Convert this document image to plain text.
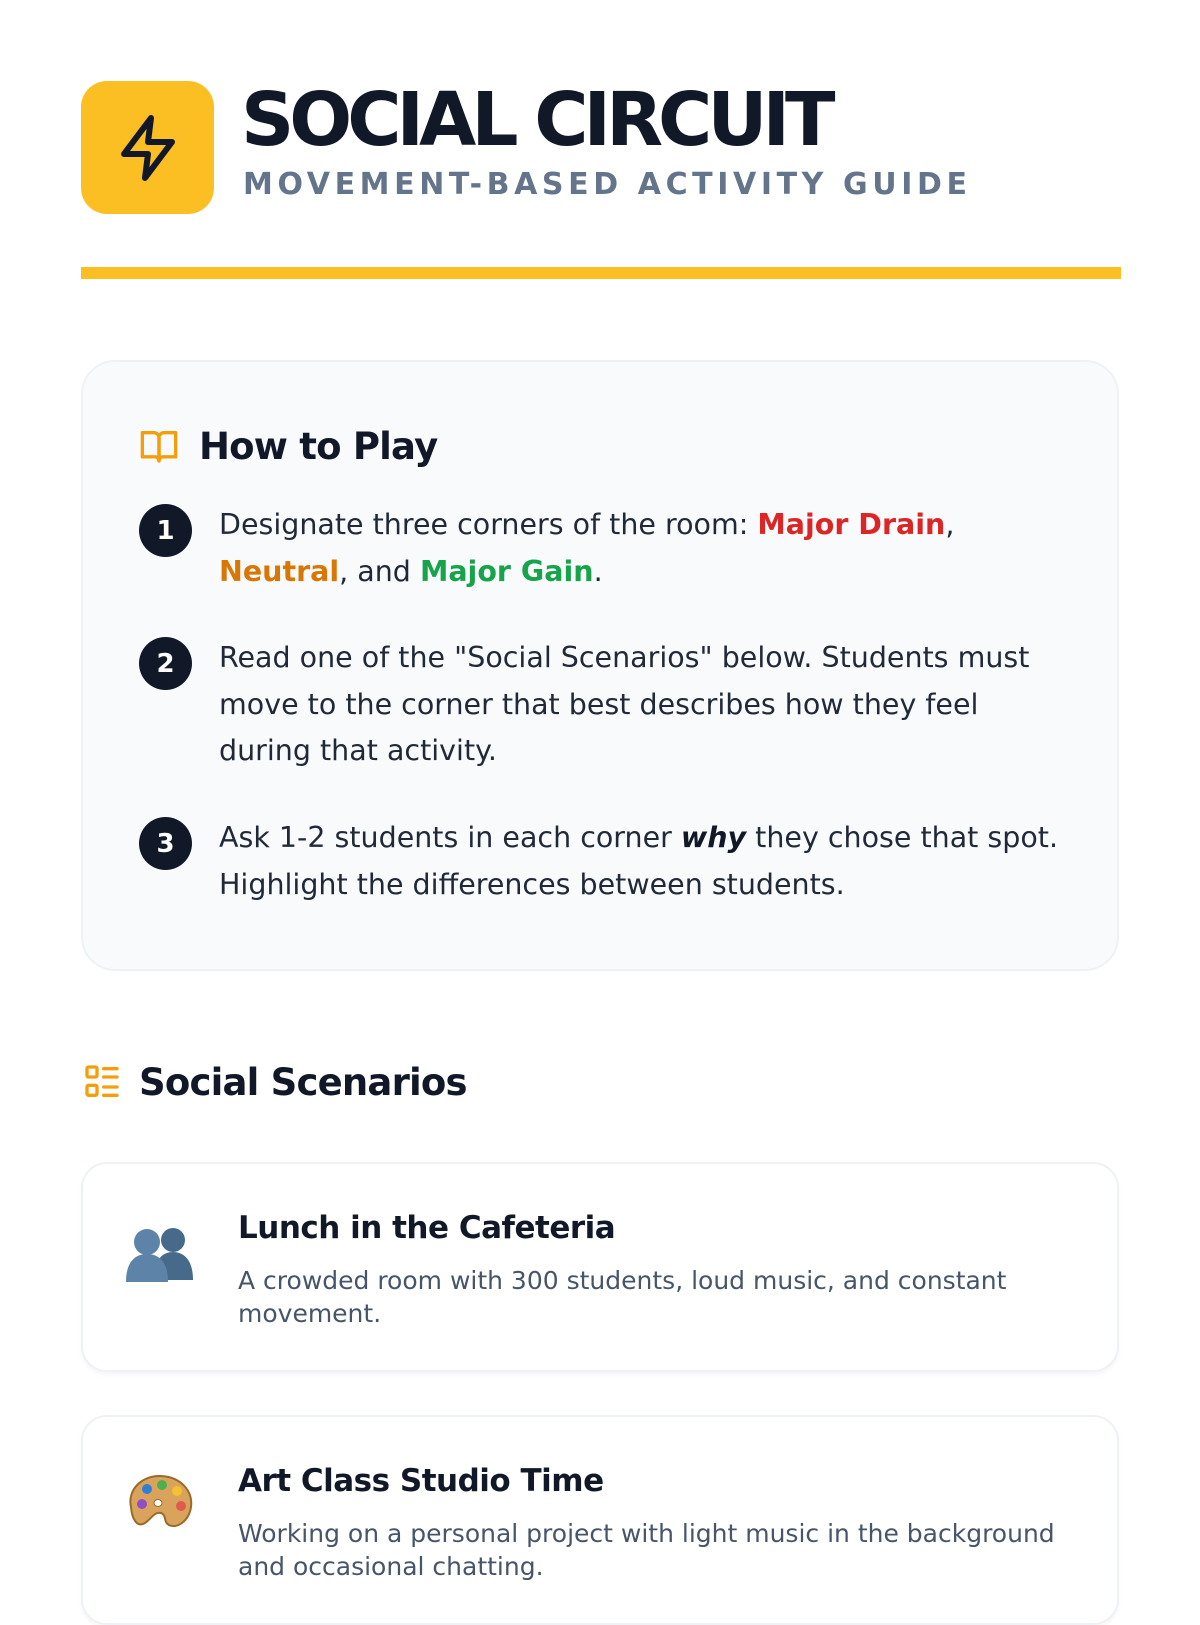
SOCIAL CIRCUIT
MOVEMENT-BASED ACTIVITY GUIDE
How to Play
1	Designate three corners of the room: Major Drain, Neutral, and Major Gain.
2	Read one of the "Social Scenarios" below. Students must move to the corner that best describes how they feel during that activity.
3	Ask 1-2 students in each corner why they chose that spot. Highlight the differences between students.
Social Scenarios
Lunch in the Cafeteria
A crowded room with 300 students, loud music, and constant movement.
Art Class Studio Time
Working on a personal project with light music in the background and occasional chatting.
